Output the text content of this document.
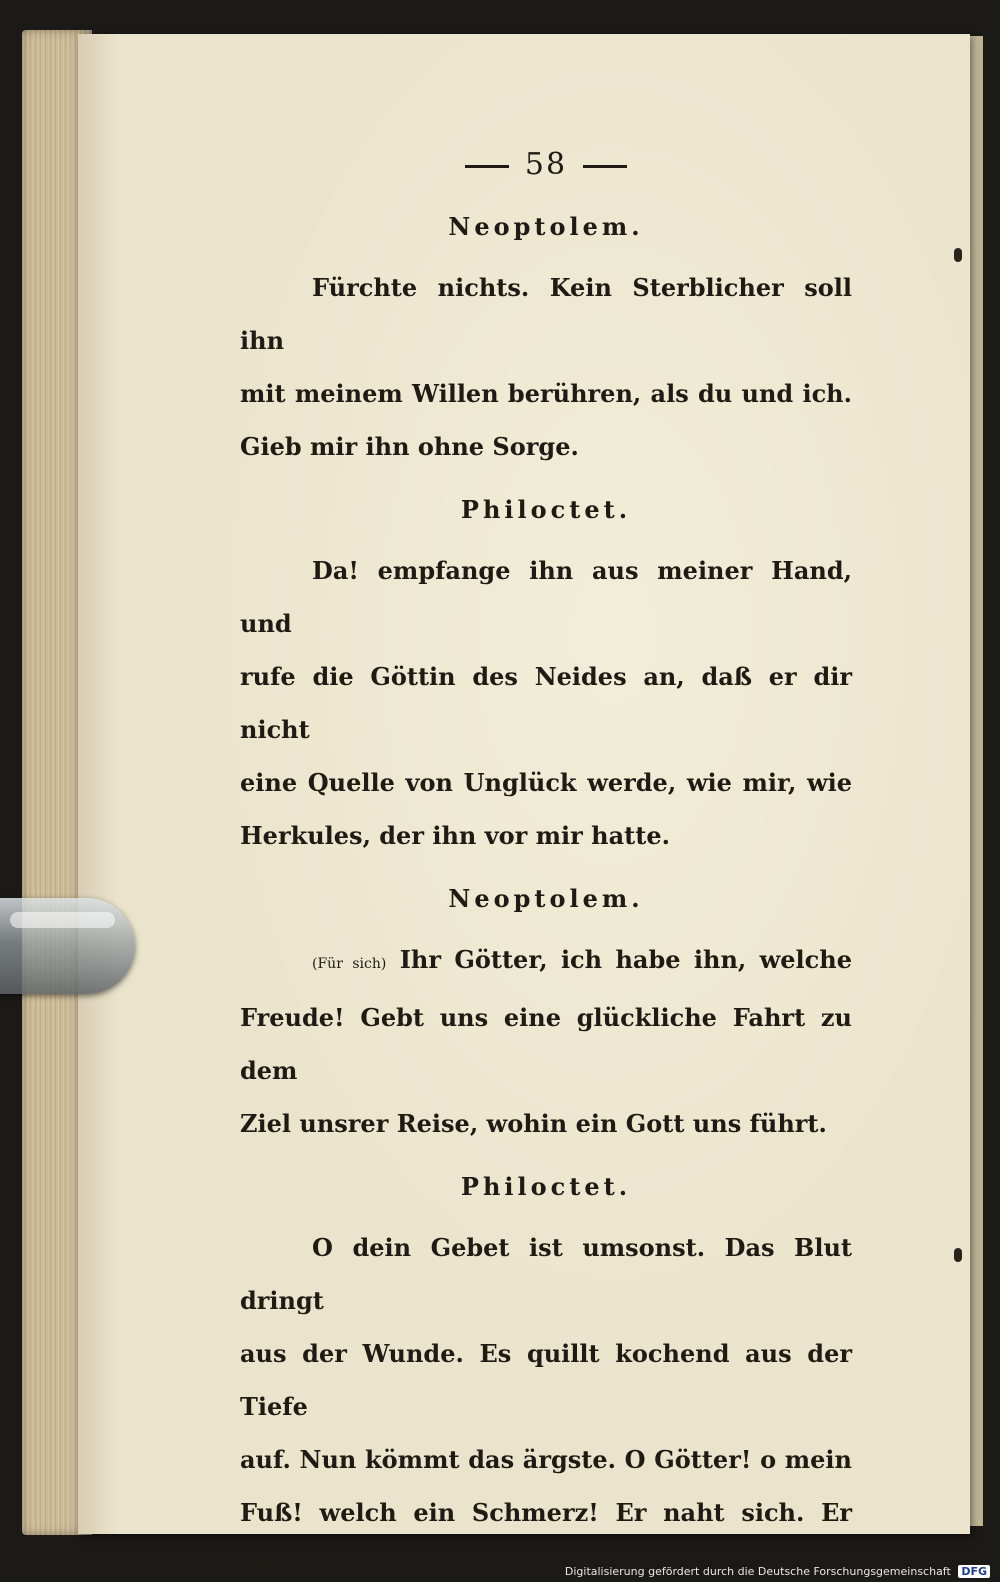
58
Neoptolem.

Fürchte nichts. Kein Sterblicher soll ihn

mit meinem Willen berühren, als du und ich.

Gieb mir ihn ohne Sorge.

Philoctet.

Da! empfange ihn aus meiner Hand, und

rufe die Göttin des Neides an, daß er dir nicht

eine Quelle von Unglück werde, wie mir, wie

Herkules, der ihn vor mir hatte.

Neoptolem.

(Für sich) Ihr Götter, ich habe ihn, welche

Freude! Gebt uns eine glückliche Fahrt zu dem

Ziel unsrer Reise, wohin ein Gott uns führt.

Philoctet.

O dein Gebet ist umsonst. Das Blut dringt

aus der Wunde. Es quillt kochend aus der Tiefe

auf. Nun kömmt das ärgste. O Götter! o mein

Fuß! welch ein Schmerz! Er naht sich. Er ver-	Digitalisierung gefördert durch die Deutsche Forschungsgemeinschaft DFG
